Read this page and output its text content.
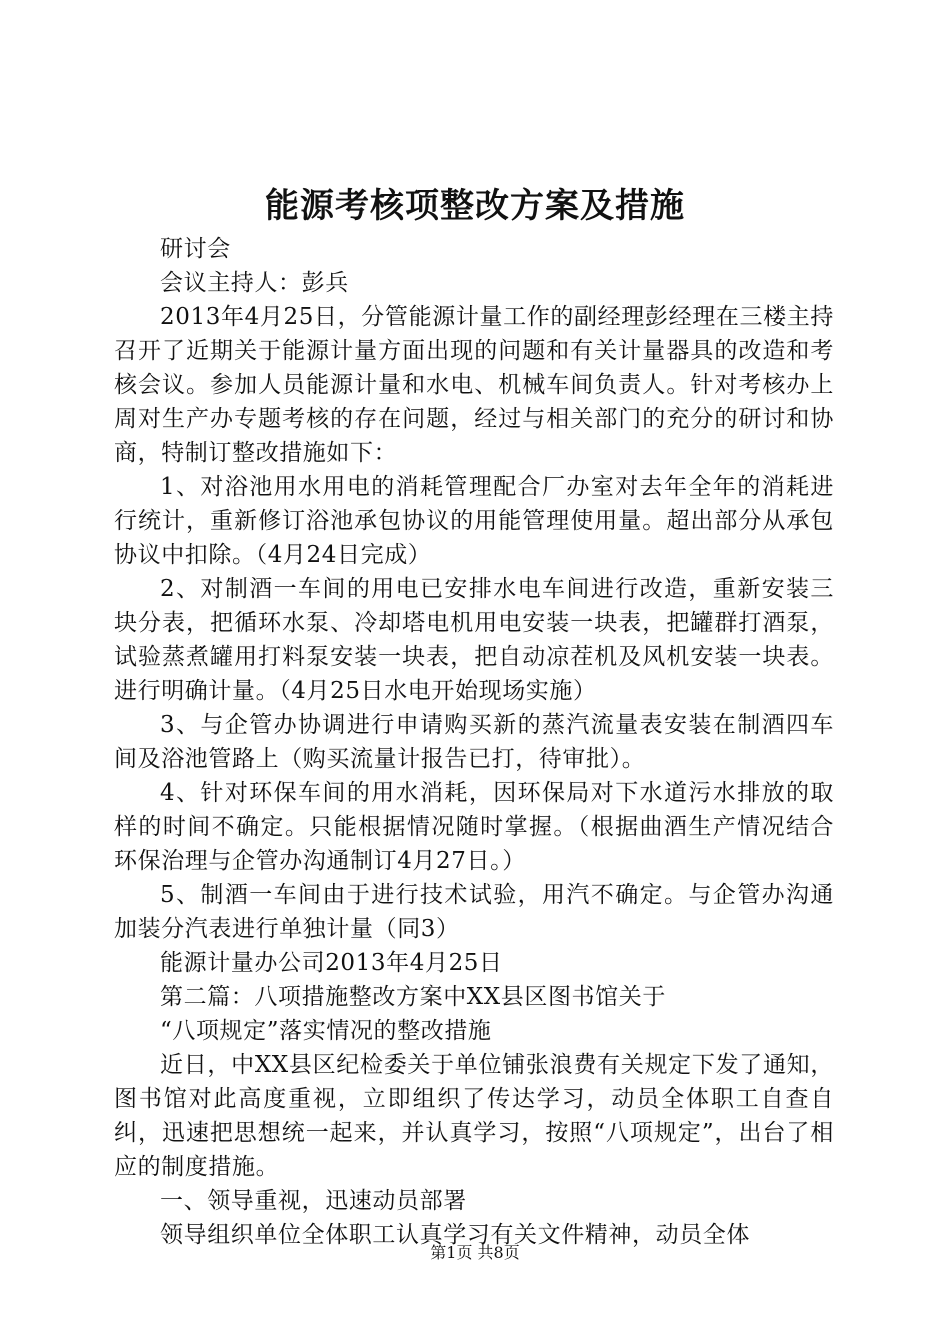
能源考核项整改方案及措施

研讨会

会议主持人：彭兵

2013年4月25日，分管能源计量工作的副经理彭经理在三楼主持召开了近期关于能源计量方面出现的问题和有关计量器具的改造和考核会议。参加人员能源计量和水电、机械车间负责人。针对考核办上周对生产办专题考核的存在问题，经过与相关部门的充分的研讨和协商，特制订整改措施如下：

1、对浴池用水用电的消耗管理配合厂办室对去年全年的消耗进行统计，重新修订浴池承包协议的用能管理使用量。超出部分从承包协议中扣除。（4月24日完成）

2、对制酒一车间的用电已安排水电车间进行改造，重新安装三块分表，把循环水泵、冷却塔电机用电安装一块表，把罐群打酒泵，试验蒸煮罐用打料泵安装一块表，把自动凉茬机及风机安装一块表。进行明确计量。（4月25日水电开始现场实施）

3、与企管办协调进行申请购买新的蒸汽流量表安装在制酒四车间及浴池管路上（购买流量计报告已打，待审批）。

4、针对环保车间的用水消耗，因环保局对下水道污水排放的取样的时间不确定。只能根据情况随时掌握。（根据曲酒生产情况结合环保治理与企管办沟通制订4月27日。）

5、制酒一车间由于进行技术试验，用汽不确定。与企管办沟通加装分汽表进行单独计量（同3）

能源计量办公司2013年4月25日

第二篇：八项措施整改方案中XX县区图书馆关于

“八项规定”落实情况的整改措施

近日，中XX县区纪检委关于单位铺张浪费有关规定下发了通知，图书馆对此高度重视，立即组织了传达学习，动员全体职工自查自纠，迅速把思想统一起来，并认真学习，按照“八项规定”，出台了相应的制度措施。

一、领导重视，迅速动员部署

领导组织单位全体职工认真学习有关文件精神，动员全体

第1页 共8页
